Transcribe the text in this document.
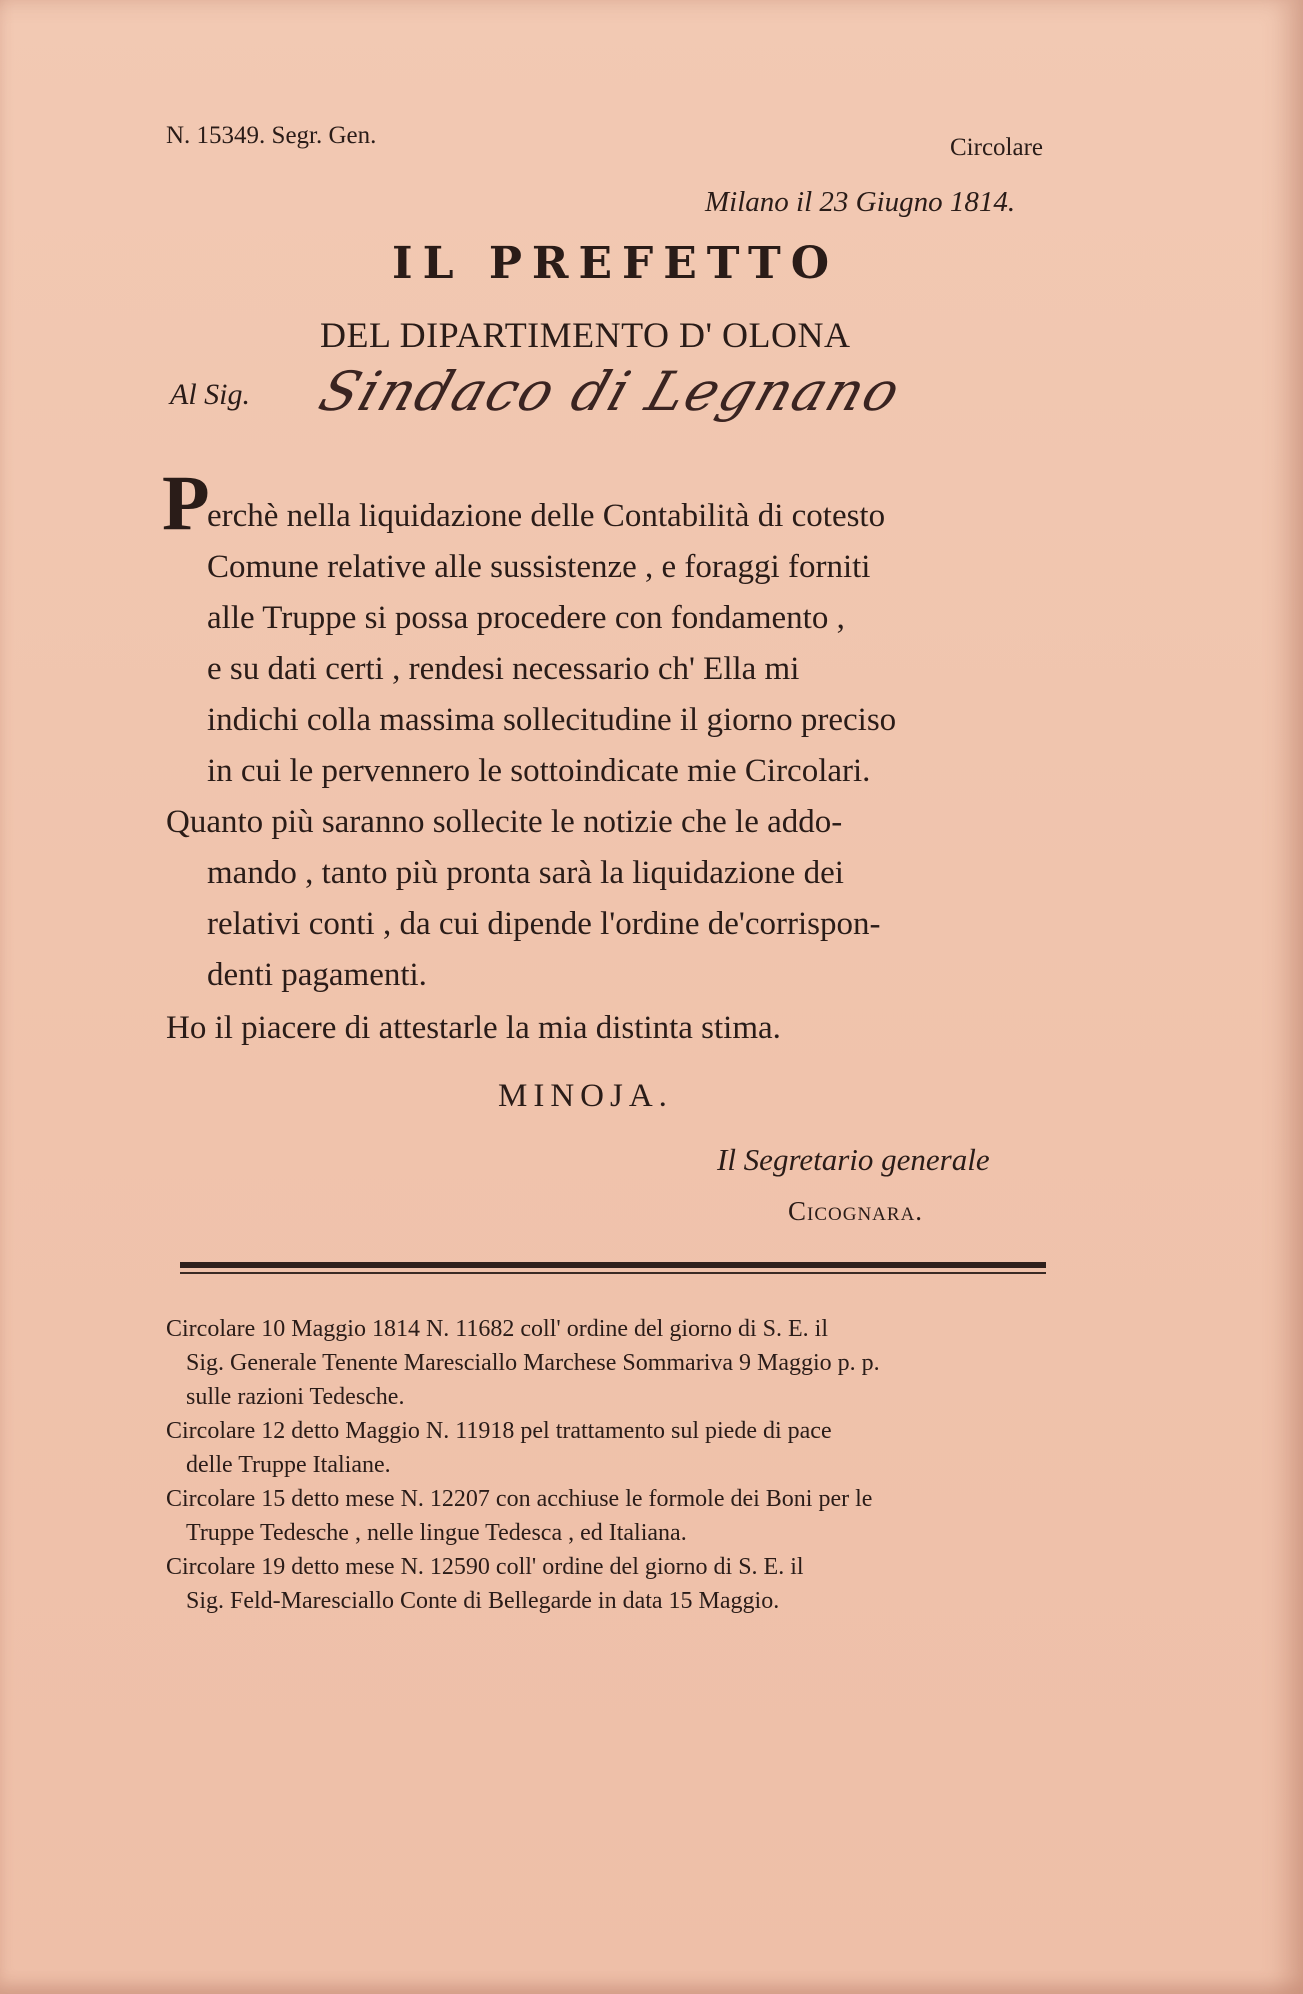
N. 15349. Segr. Gen.	Circolare
Milano il 23 Giugno 1814.
IL PREFETTO
DEL DIPARTIMENTO D' OLONA
Al Sig. Sindaco di Legnano
P
erchè nella liquidazione delle Contabilità di cotesto
Comune relative alle sussistenze , e foraggi forniti
alle Truppe si possa procedere con fondamento ,
e su dati certi , rendesi necessario ch' Ella mi
indichi colla massima sollecitudine il giorno preciso
in cui le pervennero le sottoindicate mie Circolari.
Quanto più saranno sollecite le notizie che le addo-
mando , tanto più pronta sarà la liquidazione dei
relativi conti , da cui dipende l'ordine de'corrispon-
denti pagamenti.
Ho il piacere di attestarle la mia distinta stima.
MINOJA.
Il Segretario generale
Cicognara.
Circolare 10 Maggio 1814 N. 11682 coll' ordine del giorno di S. E. il
Sig. Generale Tenente Maresciallo Marchese Sommariva 9 Maggio p. p.
sulle razioni Tedesche.
Circolare 12 detto Maggio N. 11918 pel trattamento sul piede di pace
delle Truppe Italiane.
Circolare 15 detto mese N. 12207 con acchiuse le formole dei Boni per le
Truppe Tedesche , nelle lingue Tedesca , ed Italiana.
Circolare 19 detto mese N. 12590 coll' ordine del giorno di S. E. il
Sig. Feld-Maresciallo Conte di Bellegarde in data 15 Maggio.
